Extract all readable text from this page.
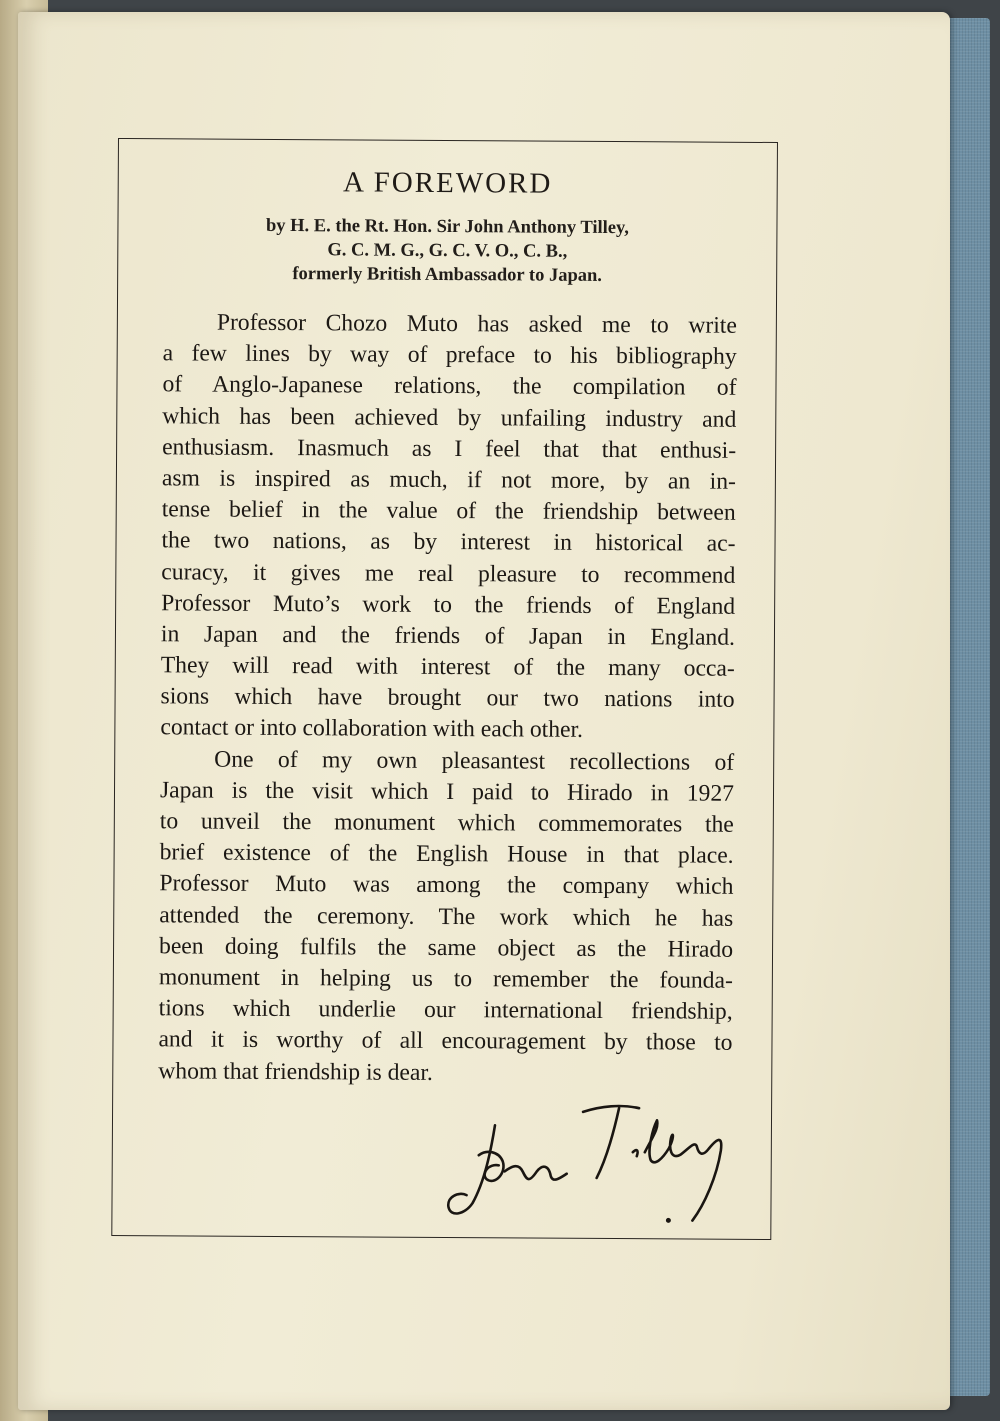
A FOREWORD
by H. E. the Rt. Hon. Sir John Anthony Tilley,
G. C. M. G., G. C. V. O., C. B.,
formerly British Ambassador to Japan.
Professor Chozo Muto has asked me to write
a few lines by way of preface to his bibliography
of Anglo-Japanese relations, the compilation of
which has been achieved by unfailing industry and
enthusiasm. Inasmuch as I feel that that enthusi-
asm is inspired as much, if not more, by an in-
tense belief in the value of the friendship between
the two nations, as by interest in historical ac-
curacy, it gives me real pleasure to recommend
Professor Muto’s work to the friends of England
in Japan and the friends of Japan in England.
They will read with interest of the many occa-
sions which have brought our two nations into
contact or into collaboration with each other.
One of my own pleasantest recollections of
Japan is the visit which I paid to Hirado in 1927
to unveil the monument which commemorates the
brief existence of the English House in that place.
Professor Muto was among the company which
attended the ceremony. The work which he has
been doing fulfils the same object as the Hirado
monument in helping us to remember the founda-
tions which underlie our international friendship,
and it is worthy of all encouragement by those to
whom that friendship is dear.
